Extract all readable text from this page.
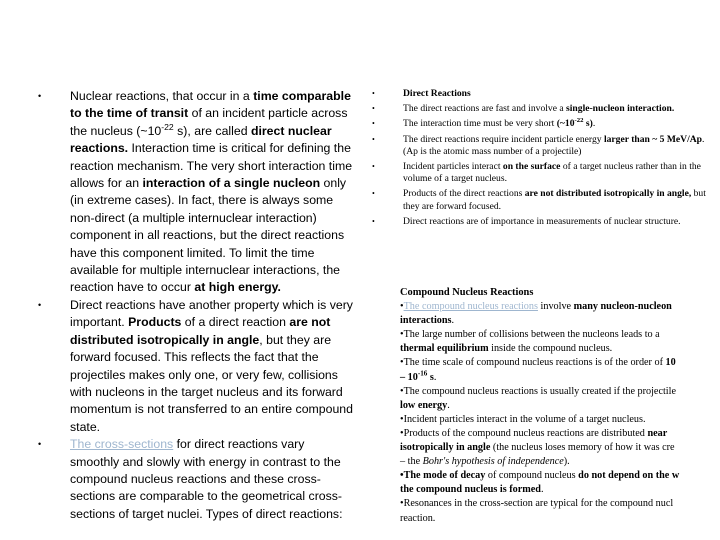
• Nuclear reactions, that occur in a time comparable to the time of transit of an incident particle across the nucleus ($\sim 10^{-22}$ s), are called direct nuclear reactions. Interaction time is critical for defining the reaction mechanism. The very short interaction time allows for an interaction of a single nucleon only (in extreme cases). In fact, there is always some non-direct (a multiple internuclear interaction) component in all reactions, but the direct reactions have this component limited. To limit the time available for multiple internuclear interactions, the reaction have to occur at high energy.
• Direct reactions have another property which is very important. Products of a direct reaction are not distributed isotropically in angle, but they are forward focused. This reflects the fact that the projectiles makes only one, or very few, collisions with nucleons in the target nucleus and its forward momentum is not transferred to an entire compound state.
• The cross-sections for direct reactions vary smoothly and slowly with energy in contrast to the compound nucleus reactions and these cross-sections are comparable to the geometrical cross-sections of target nuclei. Types of direct reactions:
•	Direct Reactions
•	The direct reactions are fast and involve a single-nucleon interaction.
•	The interaction time must be very short ($\sim 10^{-22}$ s).
•	The direct reactions require incident particle energy larger than ~ 5 MeV/Ap. (Ap is the atomic mass number of a projectile)
•	Incident particles interact on the surface of a target nucleus rather than in the volume of a target nucleus.
•	Products of the direct reactions are not distributed isotropically in angle, but they are forward focused.
•	Direct reactions are of importance in measurements of nuclear structure.
Compound Nucleus Reactions
•The compound nucleus reactions involve many nucleon-nucleon
interactions.
•The large number of collisions between the nucleons leads to a
thermal equilibrium inside the compound nucleus.
•The time scale of compound nucleus reactions is of the order of 10
– $10^{-16}$ s.
•The compound nucleus reactions is usually created if the projectile
low energy.
•Incident particles interact in the volume of a target nucleus.
•Products of the compound nucleus reactions are distributed near
isotropically in angle (the nucleus loses memory of how it was cre
– the Bohr's hypothesis of independence).
•The mode of decay of compound nucleus do not depend on the w
the compound nucleus is formed.
•Resonances in the cross-section are typical for the compound nucl
reaction.
